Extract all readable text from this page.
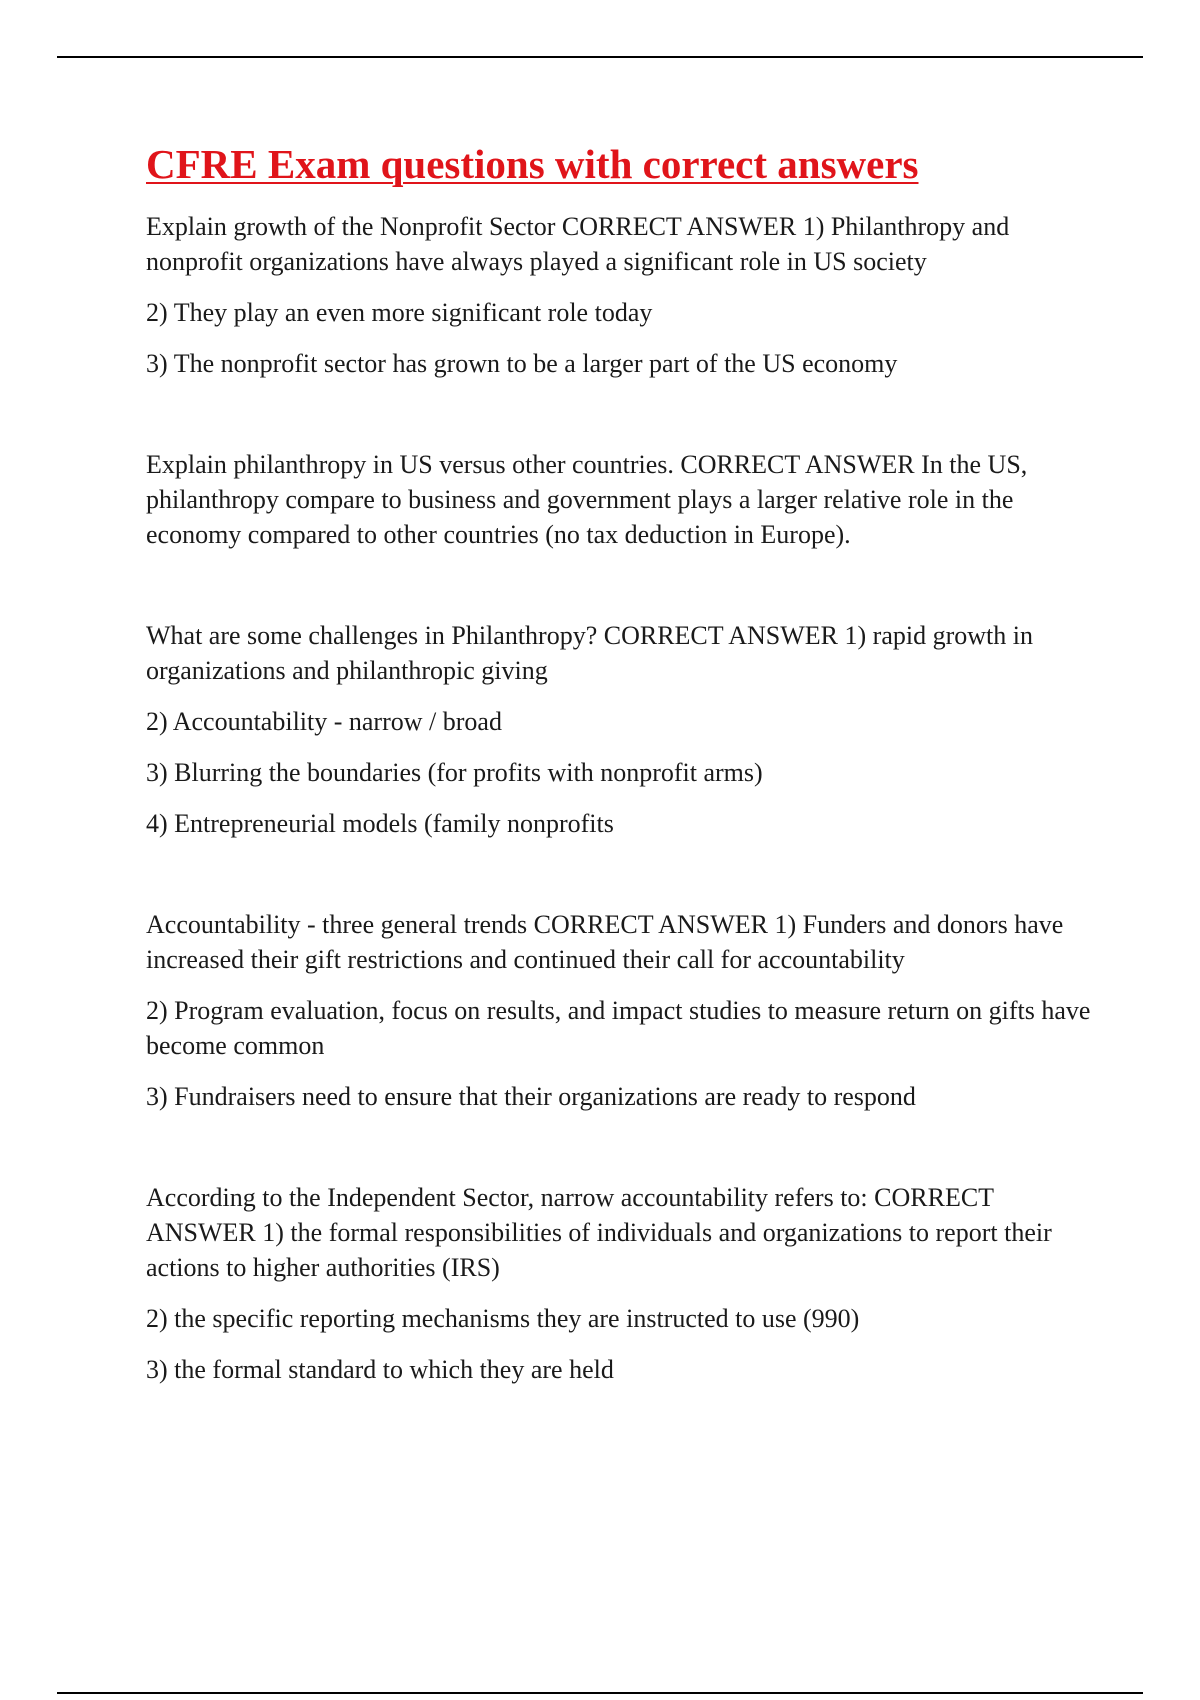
CFRE Exam questions with correct answers

Explain growth of the Nonprofit Sector CORRECT ANSWER 1) Philanthropy and nonprofit organizations have always played a significant role in US society

2) They play an even more significant role today

3) The nonprofit sector has grown to be a larger part of the US economy

Explain philanthropy in US versus other countries. CORRECT ANSWER In the US, philanthropy compare to business and government plays a larger relative role in the economy compared to other countries (no tax deduction in Europe).

What are some challenges in Philanthropy? CORRECT ANSWER 1) rapid growth in organizations and philanthropic giving

2) Accountability - narrow / broad

3) Blurring the boundaries (for profits with nonprofit arms)

4) Entrepreneurial models (family nonprofits

Accountability - three general trends CORRECT ANSWER 1) Funders and donors have increased their gift restrictions and continued their call for accountability

2) Program evaluation, focus on results, and impact studies to measure return on gifts have become common

3) Fundraisers need to ensure that their organizations are ready to respond

According to the Independent Sector, narrow accountability refers to: CORRECT ANSWER 1) the formal responsibilities of individuals and organizations to report their actions to higher authorities (IRS)

2) the specific reporting mechanisms they are instructed to use (990)

3) the formal standard to which they are held
